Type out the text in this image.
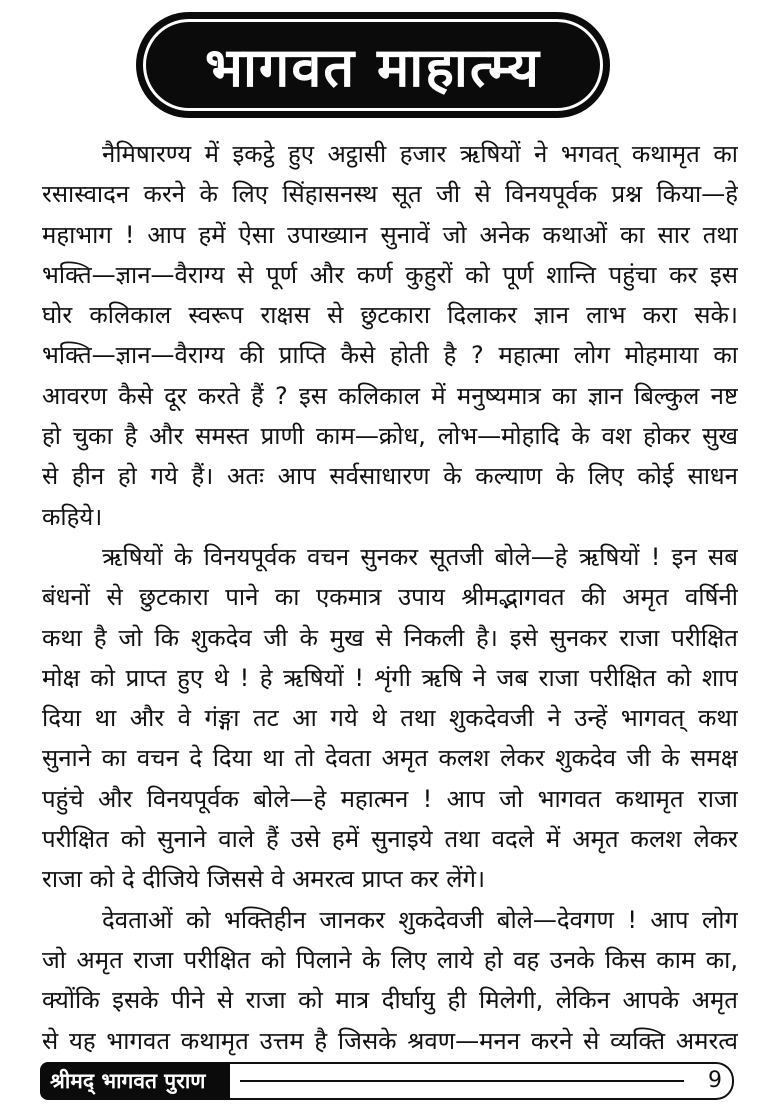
भागवत माहात्म्य
नैमिषारण्य में इकट्ठे हुए अट्ठासी हजार ऋषियों ने भगवत् कथामृत का
रसास्वादन करने के लिए सिंहासनस्थ सूत जी से विनयपूर्वक प्रश्न किया—हे
महाभाग ! आप हमें ऐसा उपाख्यान सुनावें जो अनेक कथाओं का सार तथा
भक्ति—ज्ञान—वैराग्य से पूर्ण और कर्ण कुहुरों को पूर्ण शान्ति पहुंचा कर इस
घोर कलिकाल स्वरूप राक्षस से छुटकारा दिलाकर ज्ञान लाभ करा सके।
भक्ति—ज्ञान—वैराग्य की प्राप्ति कैसे होती है ? महात्मा लोग मोहमाया का
आवरण कैसे दूर करते हैं ? इस कलिकाल में मनुष्यमात्र का ज्ञान बिल्कुल नष्ट
हो चुका है और समस्त प्राणी काम—क्रोध, लोभ—मोहादि के वश होकर सुख
से हीन हो गये हैं। अतः आप सर्वसाधारण के कल्याण के लिए कोई साधन
कहिये।
ऋषियों के विनयपूर्वक वचन सुनकर सूतजी बोले—हे ऋषियों ! इन सब
बंधनों से छुटकारा पाने का एकमात्र उपाय श्रीमद्भागवत की अमृत वर्षिनी
कथा है जो कि शुकदेव जी के मुख से निकली है। इसे सुनकर राजा परीक्षित
मोक्ष को प्राप्त हुए थे ! हे ऋषियों ! शृंगी ऋषि ने जब राजा परीक्षित को शाप
दिया था और वे गंङ्गा तट आ गये थे तथा शुकदेवजी ने उन्हें भागवत् कथा
सुनाने का वचन दे दिया था तो देवता अमृत कलश लेकर शुकदेव जी के समक्ष
पहुंचे और विनयपूर्वक बोले—हे महात्मन ! आप जो भागवत कथामृत राजा
परीक्षित को सुनाने वाले हैं उसे हमें सुनाइये तथा वदले में अमृत कलश लेकर
राजा को दे दीजिये जिससे वे अमरत्व प्राप्त कर लेंगे।
देवताओं को भक्तिहीन जानकर शुकदेवजी बोले—देवगण ! आप लोग
जो अमृत राजा परीक्षित को पिलाने के लिए लाये हो वह उनके किस काम का,
क्योंकि इसके पीने से राजा को मात्र दीर्घायु ही मिलेगी, लेकिन आपके अमृत
से यह भागवत कथामृत उत्तम है जिसके श्रवण—मनन करने से व्यक्ति अमरत्व
श्रीमद् भागवत पुराण	9
